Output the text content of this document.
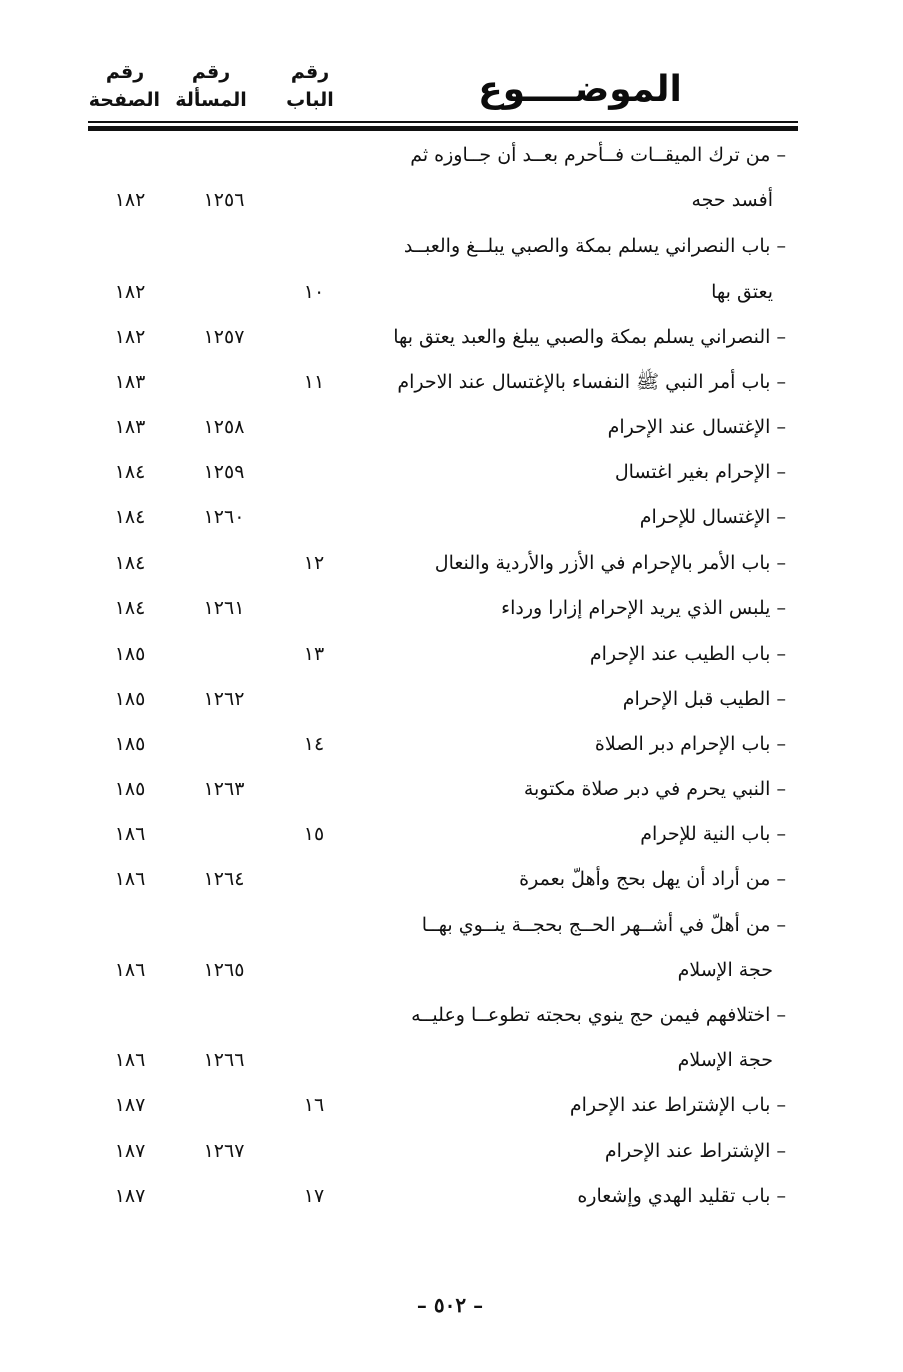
رقم
الصفحة
رقم
المسألة
رقم
الباب	الموضــــوع
– من ترك الميقــات فــأحرم بعــد أن جــاوزه ثم
أفسد حجه
١٢٥٦
١٨٢
– باب النصراني يسلم بمكة والصبي يبلــغ والعبــد
يعتق بها
١٠
١٨٢
– النصراني يسلم بمكة والصبي يبلغ والعبد يعتق بها
١٢٥٧
١٨٢
– باب أمر النبي ﷺ النفساء بالإغتسال عند الاحرام
١١
١٨٣
– الإغتسال عند الإحرام
١٢٥٨
١٨٣
– الإحرام بغير اغتسال
١٢٥٩
١٨٤
– الإغتسال للإحرام
١٢٦٠
١٨٤
– باب الأمر بالإحرام في الأزر والأردية والنعال
١٢
١٨٤
– يلبس الذي يريد الإحرام إزارا ورداء
١٢٦١
١٨٤
– باب الطيب عند الإحرام
١٣
١٨٥
– الطيب قبل الإحرام
١٢٦٢
١٨٥
– باب الإحرام دبر الصلاة
١٤
١٨٥
– النبي يحرم في دبر صلاة مكتوبة
١٢٦٣
١٨٥
– باب النية للإحرام
١٥
١٨٦
– من أراد أن يهل بحج وأهلّ بعمرة
١٢٦٤
١٨٦
– من أهلّ في أشــهر الحــج بحجــة ينــوي بهــا
حجة الإسلام
١٢٦٥
١٨٦
– اختلافهم فيمن حج ينوي بحجته تطوعــا وعليــه
حجة الإسلام
١٢٦٦
١٨٦
– باب الإشتراط عند الإحرام
١٦
١٨٧
– الإشتراط عند الإحرام
١٢٦٧
١٨٧
– باب تقليد الهدي وإشعاره
١٧
١٨٧
– ٥٠٢ –
